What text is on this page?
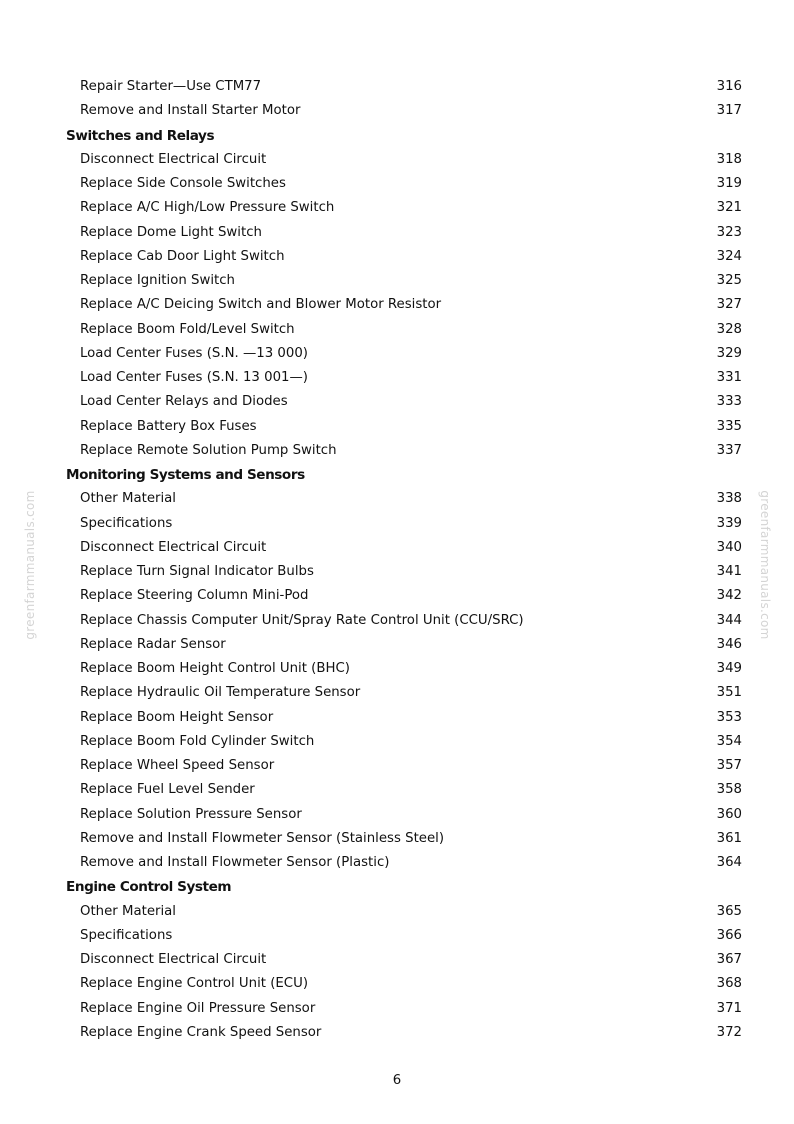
Repair Starter—Use CTM77	316
Remove and Install Starter Motor	317
Switches and Relays
Disconnect Electrical Circuit	318
Replace Side Console Switches	319
Replace A/C High/Low Pressure Switch	321
Replace Dome Light Switch	323
Replace Cab Door Light Switch	324
Replace Ignition Switch	325
Replace A/C Deicing Switch and Blower Motor Resistor	327
Replace Boom Fold/Level Switch	328
Load Center Fuses (S.N. —13 000)	329
Load Center Fuses (S.N. 13 001—)	331
Load Center Relays and Diodes	333
Replace Battery Box Fuses	335
Replace Remote Solution Pump Switch	337
Monitoring Systems and Sensors
Other Material	338
Specifications	339
Disconnect Electrical Circuit	340
Replace Turn Signal Indicator Bulbs	341
Replace Steering Column Mini-Pod	342
Replace Chassis Computer Unit/Spray Rate Control Unit (CCU/SRC)	344
Replace Radar Sensor	346
Replace Boom Height Control Unit (BHC)	349
Replace Hydraulic Oil Temperature Sensor	351
Replace Boom Height Sensor	353
Replace Boom Fold Cylinder Switch	354
Replace Wheel Speed Sensor	357
Replace Fuel Level Sender	358
Replace Solution Pressure Sensor	360
Remove and Install Flowmeter Sensor (Stainless Steel)	361
Remove and Install Flowmeter Sensor (Plastic)	364
Engine Control System
Other Material	365
Specifications	366
Disconnect Electrical Circuit	367
Replace Engine Control Unit (ECU)	368
Replace Engine Oil Pressure Sensor	371
Replace Engine Crank Speed Sensor	372
6
greenfarmmanuals.com	greenfarmmanuals.com
